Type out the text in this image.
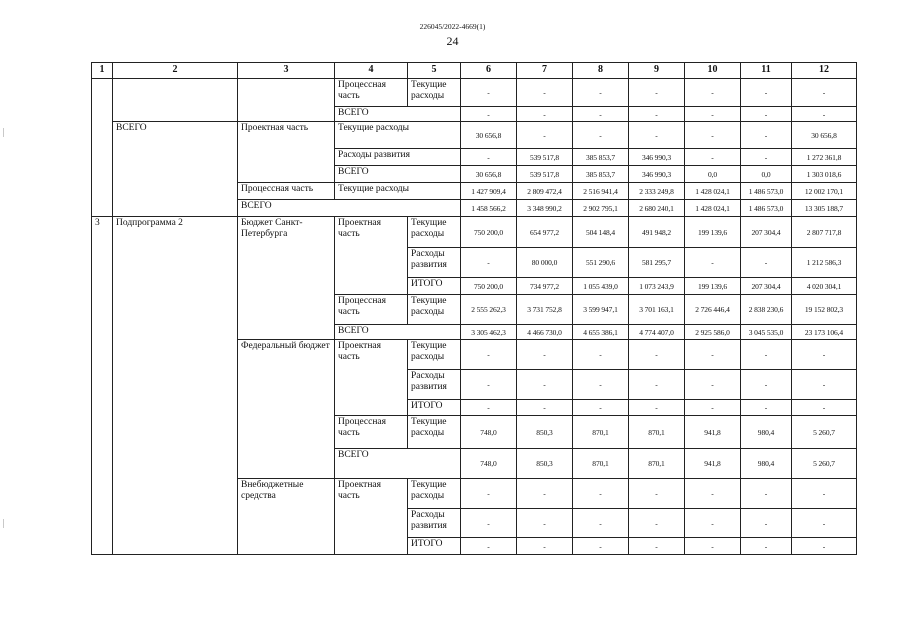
226045/2022-4669(1)
24
1	2	3	4	5	6	7	8	9	10	11	12
			Процессная часть	Текущие расходы	-	-	-	-	-	-	-
			ВСЕГО		-	-	-	-	-	-	-
	ВСЕГО	Проектная часть	Текущие расходы		30 656,8	-	-	-	-	-	30 656,8
			Расходы развития		-	539 517,8	385 853,7	346 990,3	-	-	1 272 361,8
			ВСЕГО		30 656,8	539 517,8	385 853,7	346 990,3	0,0	0,0	1 303 018,6
		Процессная часть	Текущие расходы		1 427 909,4	2 809 472,4	2 516 941,4	2 333 249,8	1 428 024,1	1 486 573,0	12 002 170,1
		ВСЕГО			1 458 566,2	3 348 990,2	2 902 795,1	2 680 240,1	1 428 024,1	1 486 573,0	13 305 188,7
3	Подпрограмма 2	Бюджет Санкт-Петербурга	Проектная часть	Текущие расходы	750 200,0	654 977,2	504 148,4	491 948,2	199 139,6	207 304,4	2 807 717,8
				Расходы развития	-	80 000,0	551 290,6	581 295,7	-	-	1 212 586,3
				ИТОГО	750 200,0	734 977,2	1 055 439,0	1 073 243,9	199 139,6	207 304,4	4 020 304,1
			Процессная часть	Текущие расходы	2 555 262,3	3 731 752,8	3 599 947,1	3 701 163,1	2 726 446,4	2 838 230,6	19 152 802,3
			ВСЕГО		3 305 462,3	4 466 730,0	4 655 386,1	4 774 407,0	2 925 586,0	3 045 535,0	23 173 106,4
		Федеральный бюджет	Проектная часть	Текущие расходы	-	-	-	-	-	-	-
				Расходы развития	-	-	-	-	-	-	-
				ИТОГО	-	-	-	-	-	-	-
			Процессная часть	Текущие расходы	748,0	850,3	870,1	870,1	941,8	980,4	5 260,7
			ВСЕГО		748,0	850,3	870,1	870,1	941,8	980,4	5 260,7
		Внебюджетные средства	Проектная часть	Текущие расходы	-	-	-	-	-	-	-
				Расходы развития	-	-	-	-	-	-	-
				ИТОГО	-	-	-	-	-	-	-
